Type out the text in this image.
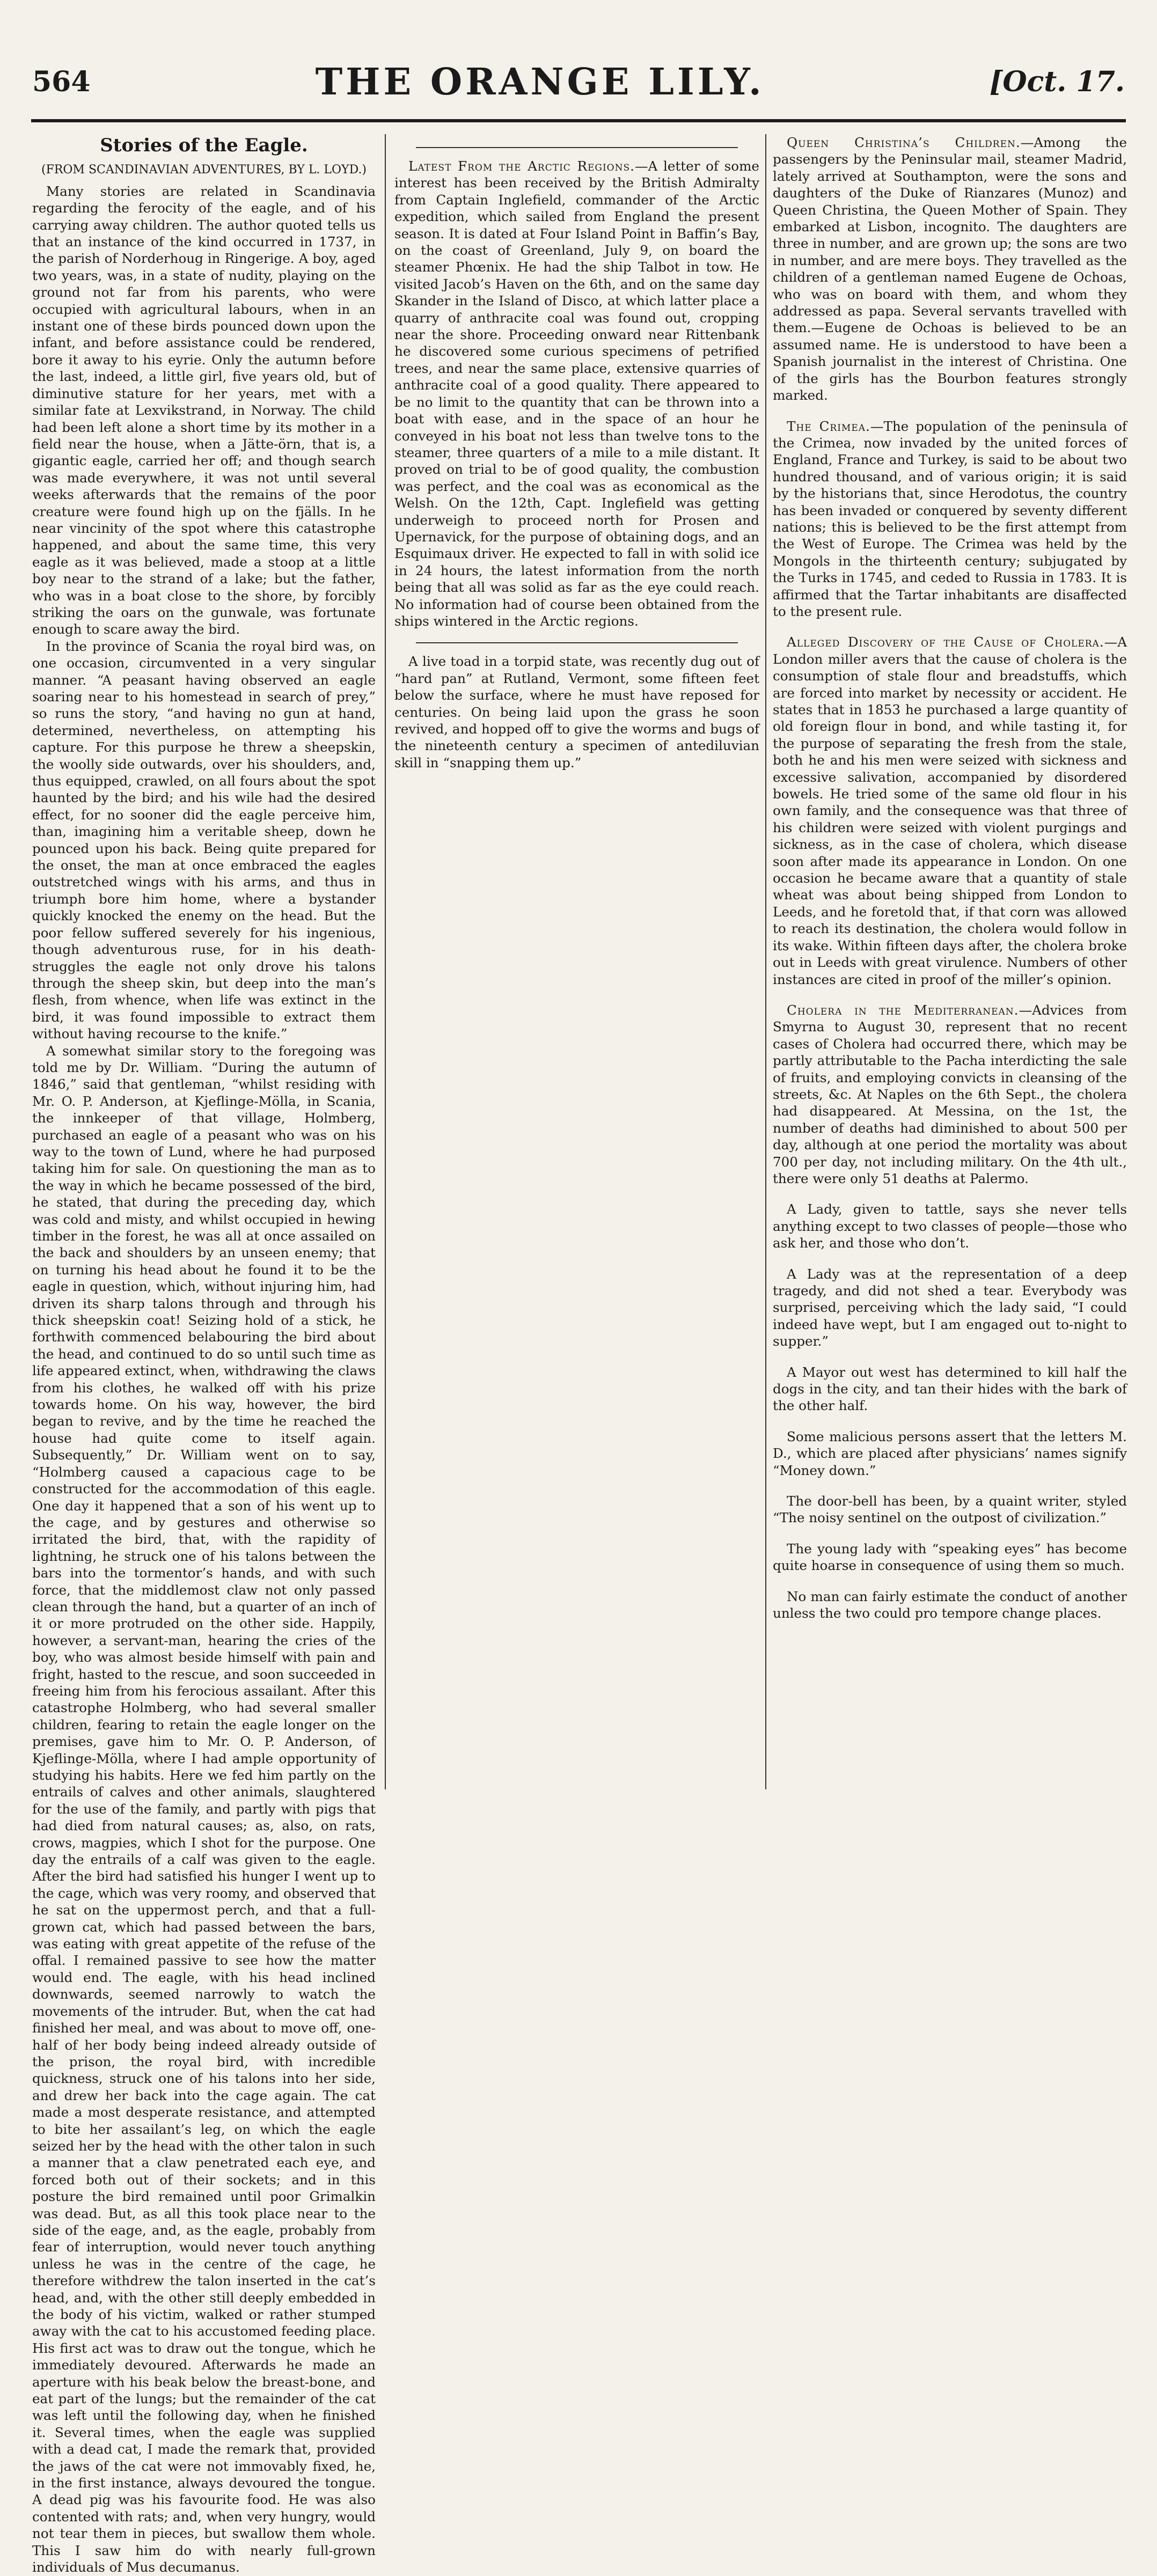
564	THE ORANGE LILY.	[Oct. 17.
Stories of the Eagle.
(FROM SCANDINAVIAN ADVENTURES, BY L. LOYD.)

Many stories are related in Scandinavia regarding the ferocity of the eagle, and of his carrying away children. The author quoted tells us that an instance of the kind occurred in 1737, in the parish of Norderhoug in Ringerige. A boy, aged two years, was, in a state of nudity, playing on the ground not far from his parents, who were occupied with agricultural labours, when in an instant one of these birds pounced down upon the infant, and before assistance could be rendered, bore it away to his eyrie. Only the autumn before the last, indeed, a little girl, five years old, but of diminutive stature for her years, met with a similar fate at Lexvikstrand, in Norway. The child had been left alone a short time by its mother in a field near the house, when a Jätte-örn, that is, a gigantic eagle, carried her off; and though search was made everywhere, it was not until several weeks afterwards that the remains of the poor creature were found high up on the fjälls. In he near vincinity of the spot where this catastrophe happened, and about the same time, this very eagle as it was believed, made a stoop at a little boy near to the strand of a lake; but the father, who was in a boat close to the shore, by forcibly striking the oars on the gunwale, was fortunate enough to scare away the bird.

In the province of Scania the royal bird was, on one occasion, circumvented in a very singular manner. “A peasant having observed an eagle soaring near to his homestead in search of prey,” so runs the story, “and having no gun at hand, determined, nevertheless, on attempting his capture. For this purpose he threw a sheepskin, the woolly side outwards, over his shoulders, and, thus equipped, crawled, on all fours about the spot haunted by the bird; and his wile had the desired effect, for no sooner did the eagle perceive him, than, imagining him a veritable sheep, down he pounced upon his back. Being quite prepared for the onset, the man at once embraced the eagles outstretched wings with his arms, and thus in triumph bore him home, where a bystander quickly knocked the enemy on the head. But the poor fellow suffered severely for his ingenious, though adventurous ruse, for in his death-struggles the eagle not only drove his talons through the sheep skin, but deep into the man’s flesh, from whence, when life was extinct in the bird, it was found impossible to extract them without having recourse to the knife.”

A somewhat similar story to the foregoing was told me by Dr. William. “During the autumn of 1846,” said that gentleman, “whilst residing with Mr. O. P. Anderson, at Kjeflinge-Mölla, in Scania, the innkeeper of that village, Holmberg, purchased an eagle of a peasant who was on his way to the town of Lund, where he had purposed taking him for sale. On questioning the man as to the way in which he became possessed of the bird, he stated, that during the preceding day, which was cold and misty, and whilst occupied in hewing timber in the forest, he was all at once assailed on the back and shoulders by an unseen enemy; that on turning his head about he found it to be the eagle in question, which, without injuring him, had driven its sharp talons through and through his thick sheepskin coat! Seizing hold of a stick, he forthwith commenced belabouring the bird about the head, and continued to do so until such time as life appeared extinct, when, withdrawing the claws from his clothes, he walked off with his prize towards home. On his way, however, the bird began to revive, and by the time he reached the house had quite come to itself again. Subsequently,” Dr. William went on to say, “Holmberg caused a capacious cage to be constructed for the accommodation of this eagle. One day it happened that a son of his went up to the cage, and by gestures and otherwise so irritated the bird, that, with the rapidity of lightning, he struck one of his talons between the bars into the tormentor’s hands, and with such force, that the middlemost claw not only passed clean through the hand, but a quarter of an inch of it or more protruded on the other side. Happily, however, a servant-man, hearing the cries of the boy, who was almost beside himself with pain and fright, hasted to the rescue, and soon succeeded in freeing him from his ferocious assailant. After this catastrophe Holmberg, who had several smaller children, fearing to retain the eagle longer on the premises, gave him to Mr. O. P. Anderson, of Kjeflinge-Mölla, where I had ample opportunity of studying his habits. Here we fed him partly on the entrails of calves and other animals, slaughtered for the use of the family, and partly with pigs that had died from natural causes; as, also, on rats, crows, magpies, which I shot for the purpose. One day the entrails of a calf was given to the eagle. After the bird had satisfied his hunger I went up to the cage, which was very roomy, and observed that he sat on the uppermost perch, and that a full-grown cat, which had passed between the bars, was eating with great appetite of the refuse of the offal. I remained passive to see how the matter would end. The eagle, with his head inclined downwards, seemed narrowly to watch the movements of the intruder. But, when the cat had finished her meal, and was about to move off, one-half of her body being indeed already outside of the prison, the royal bird, with incredible quickness, struck one of his talons into her side, and drew her back into the cage again. The cat made a most desperate resistance, and attempted to bite her assailant’s leg, on which the eagle seized her by the head with the other talon in such a manner that a claw penetrated each eye, and forced both out of their sockets; and in this posture the bird remained until poor Grimalkin was dead. But, as all this took place near to the side of the eage, and, as the eagle, probably from fear of interruption, would never touch anything unless he was in the centre of the cage, he therefore withdrew the talon inserted in the cat’s head, and, with the other still deeply embedded in the body of his victim, walked or rather stumped away with the cat to his accustomed feeding place. His first act was to draw out the tongue, which he immediately devoured. Afterwards he made an aperture with his beak below the breast-bone, and eat part of the lungs; but the remainder of the cat was left until the following day, when he finished it. Several times, when the eagle was supplied with a dead cat, I made the remark that, provided the jaws of the cat were not immovably fixed, he, in the first instance, always devoured the tongue. A dead pig was his favourite food. He was also contented with rats; and, when very hungry, would not tear them in pieces, but swallow them whole. This I saw him do with nearly full-grown individuals of Mus decumanus.

Latest From the Arctic Regions.—A letter of some interest has been received by the British Admiralty from Captain Inglefield, commander of the Arctic expedition, which sailed from England the present season. It is dated at Four Island Point in Baffin’s Bay, on the coast of Greenland, July 9, on board the steamer Phœnix. He had the ship Talbot in tow. He visited Jacob’s Haven on the 6th, and on the same day Skander in the Island of Disco, at which latter place a quarry of anthracite coal was found out, cropping near the shore. Proceeding onward near Rittenbank he discovered some curious specimens of petrified trees, and near the same place, extensive quarries of anthracite coal of a good quality. There appeared to be no limit to the quantity that can be thrown into a boat with ease, and in the space of an hour he conveyed in his boat not less than twelve tons to the steamer, three quarters of a mile to a mile distant. It proved on trial to be of good quality, the combustion was perfect, and the coal was as economical as the Welsh. On the 12th, Capt. Inglefield was getting underweigh to proceed north for Prosen and Upernavick, for the purpose of obtaining dogs, and an Esquimaux driver. He expected to fall in with solid ice in 24 hours, the latest information from the north being that all was solid as far as the eye could reach. No information had of course been obtained from the ships wintered in the Arctic regions.

A live toad in a torpid state, was recently dug out of “hard pan” at Rutland, Vermont, some fifteen feet below the surface, where he must have reposed for centuries. On being laid upon the grass he soon revived, and hopped off to give the worms and bugs of the nineteenth century a specimen of antediluvian skill in “snapping them up.”

Queen Christina’s Children.—Among the passengers by the Peninsular mail, steamer Madrid, lately arrived at Southampton, were the sons and daughters of the Duke of Rianzares (Munoz) and Queen Christina, the Queen Mother of Spain. They embarked at Lisbon, incognito. The daughters are three in number, and are grown up; the sons are two in number, and are mere boys. They travelled as the children of a gentleman named Eugene de Ochoas, who was on board with them, and whom they addressed as papa. Several servants travelled with them.—Eugene de Ochoas is believed to be an assumed name. He is understood to have been a Spanish journalist in the interest of Christina. One of the girls has the Bourbon features strongly marked.

The Crimea.—The population of the peninsula of the Crimea, now invaded by the united forces of England, France and Turkey, is said to be about two hundred thousand, and of various origin; it is said by the historians that, since Herodotus, the country has been invaded or conquered by seventy different nations; this is believed to be the first attempt from the West of Europe. The Crimea was held by the Mongols in the thirteenth century; subjugated by the Turks in 1745, and ceded to Russia in 1783. It is affirmed that the Tartar inhabitants are disaffected to the present rule.

Alleged Discovery of the Cause of Cholera.—A London miller avers that the cause of cholera is the consumption of stale flour and breadstuffs, which are forced into market by necessity or accident. He states that in 1853 he purchased a large quantity of old foreign flour in bond, and while tasting it, for the purpose of separating the fresh from the stale, both he and his men were seized with sickness and excessive salivation, accompanied by disordered bowels. He tried some of the same old flour in his own family, and the consequence was that three of his children were seized with violent purgings and sickness, as in the case of cholera, which disease soon after made its appearance in London. On one occasion he became aware that a quantity of stale wheat was about being shipped from London to Leeds, and he foretold that, if that corn was allowed to reach its destination, the cholera would follow in its wake. Within fifteen days after, the cholera broke out in Leeds with great virulence. Numbers of other instances are cited in proof of the miller’s opinion.

Cholera in the Mediterranean.—Advices from Smyrna to August 30, represent that no recent cases of Cholera had occurred there, which may be partly attributable to the Pacha interdicting the sale of fruits, and employing convicts in cleansing of the streets, &c. At Naples on the 6th Sept., the cholera had disappeared. At Messina, on the 1st, the number of deaths had diminished to about 500 per day, although at one period the mortality was about 700 per day, not including military. On the 4th ult., there were only 51 deaths at Palermo.

A Lady, given to tattle, says she never tells anything except to two classes of people—those who ask her, and those who don’t.

A Lady was at the representation of a deep tragedy, and did not shed a tear. Everybody was surprised, perceiving which the lady said, “I could indeed have wept, but I am engaged out to-night to supper.”

A Mayor out west has determined to kill half the dogs in the city, and tan their hides with the bark of the other half.

Some malicious persons assert that the letters M. D., which are placed after physicians’ names signify “Money down.”

The door-bell has been, by a quaint writer, styled “The noisy sentinel on the outpost of civilization.”

The young lady with “speaking eyes” has become quite hoarse in consequence of using them so much.

No man can fairly estimate the conduct of another unless the two could pro tempore change places.
